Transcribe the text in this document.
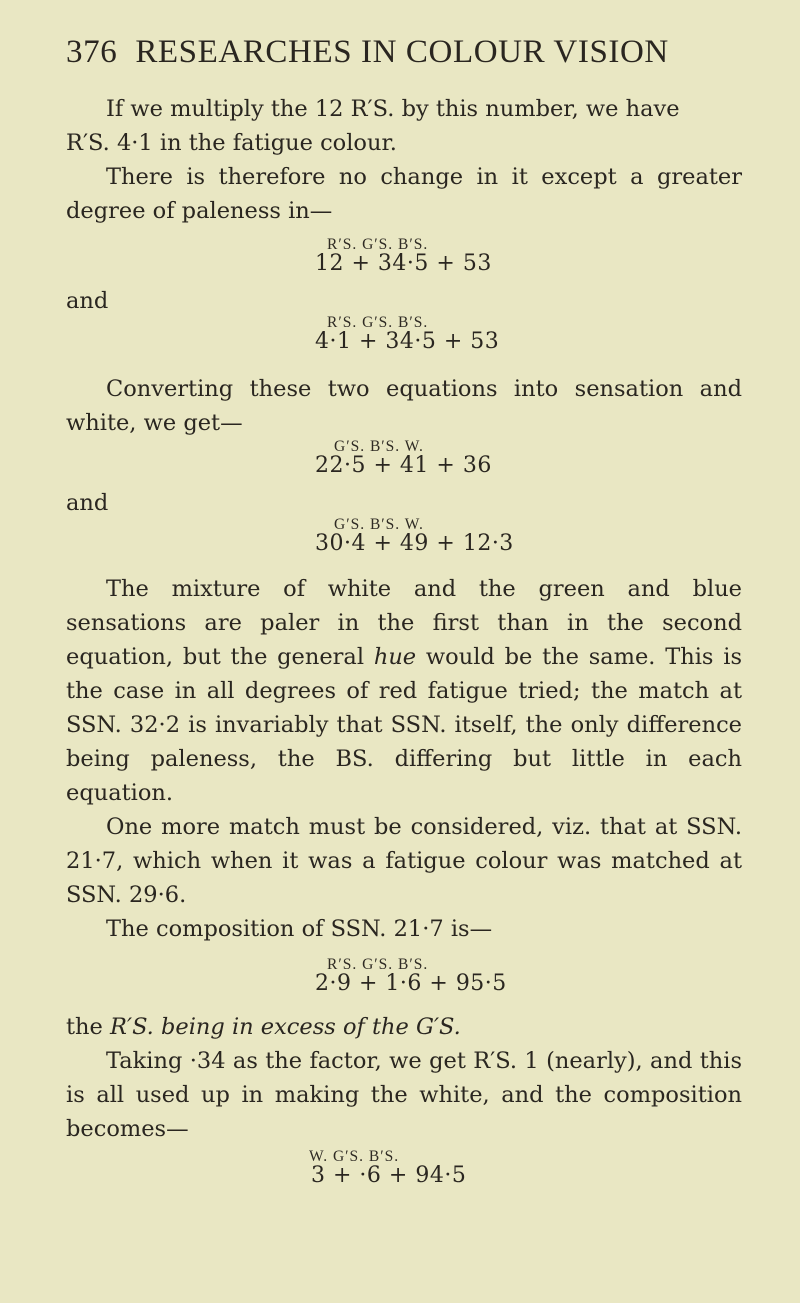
376 RESEARCHES IN COLOUR VISION

If we multiply the 12 R′S. by this number, we have

R′S. 4·1 in the fatigue colour.

There is therefore no change in it except a greater degree of paleness in—

R′S. G′S. B′S.
12 + 34·5 + 53

and

R′S. G′S. B′S.
4·1 + 34·5 + 53

Converting these two equations into sensation and white, we get—

G′S. B′S. W.
22·5 + 41 + 36

and

G′S. B′S. W.
30·4 + 49 + 12·3

The mixture of white and the green and blue sensations are paler in the first than in the second equation, but the general hue would be the same. This is the case in all degrees of red fatigue tried; the match at SSN. 32·2 is invariably that SSN. itself, the only difference being paleness, the BS. differing but little in each equation.

One more match must be considered, viz. that at SSN. 21·7, which when it was a fatigue colour was matched at SSN. 29·6.

The composition of SSN. 21·7 is—

R′S. G′S. B′S.
2·9 + 1·6 + 95·5

the R′S. being in excess of the G′S.

Taking ·34 as the factor, we get R′S. 1 (nearly), and this is all used up in making the white, and the composition becomes—

W. G′S. B′S.
3 + ·6 + 94·5
